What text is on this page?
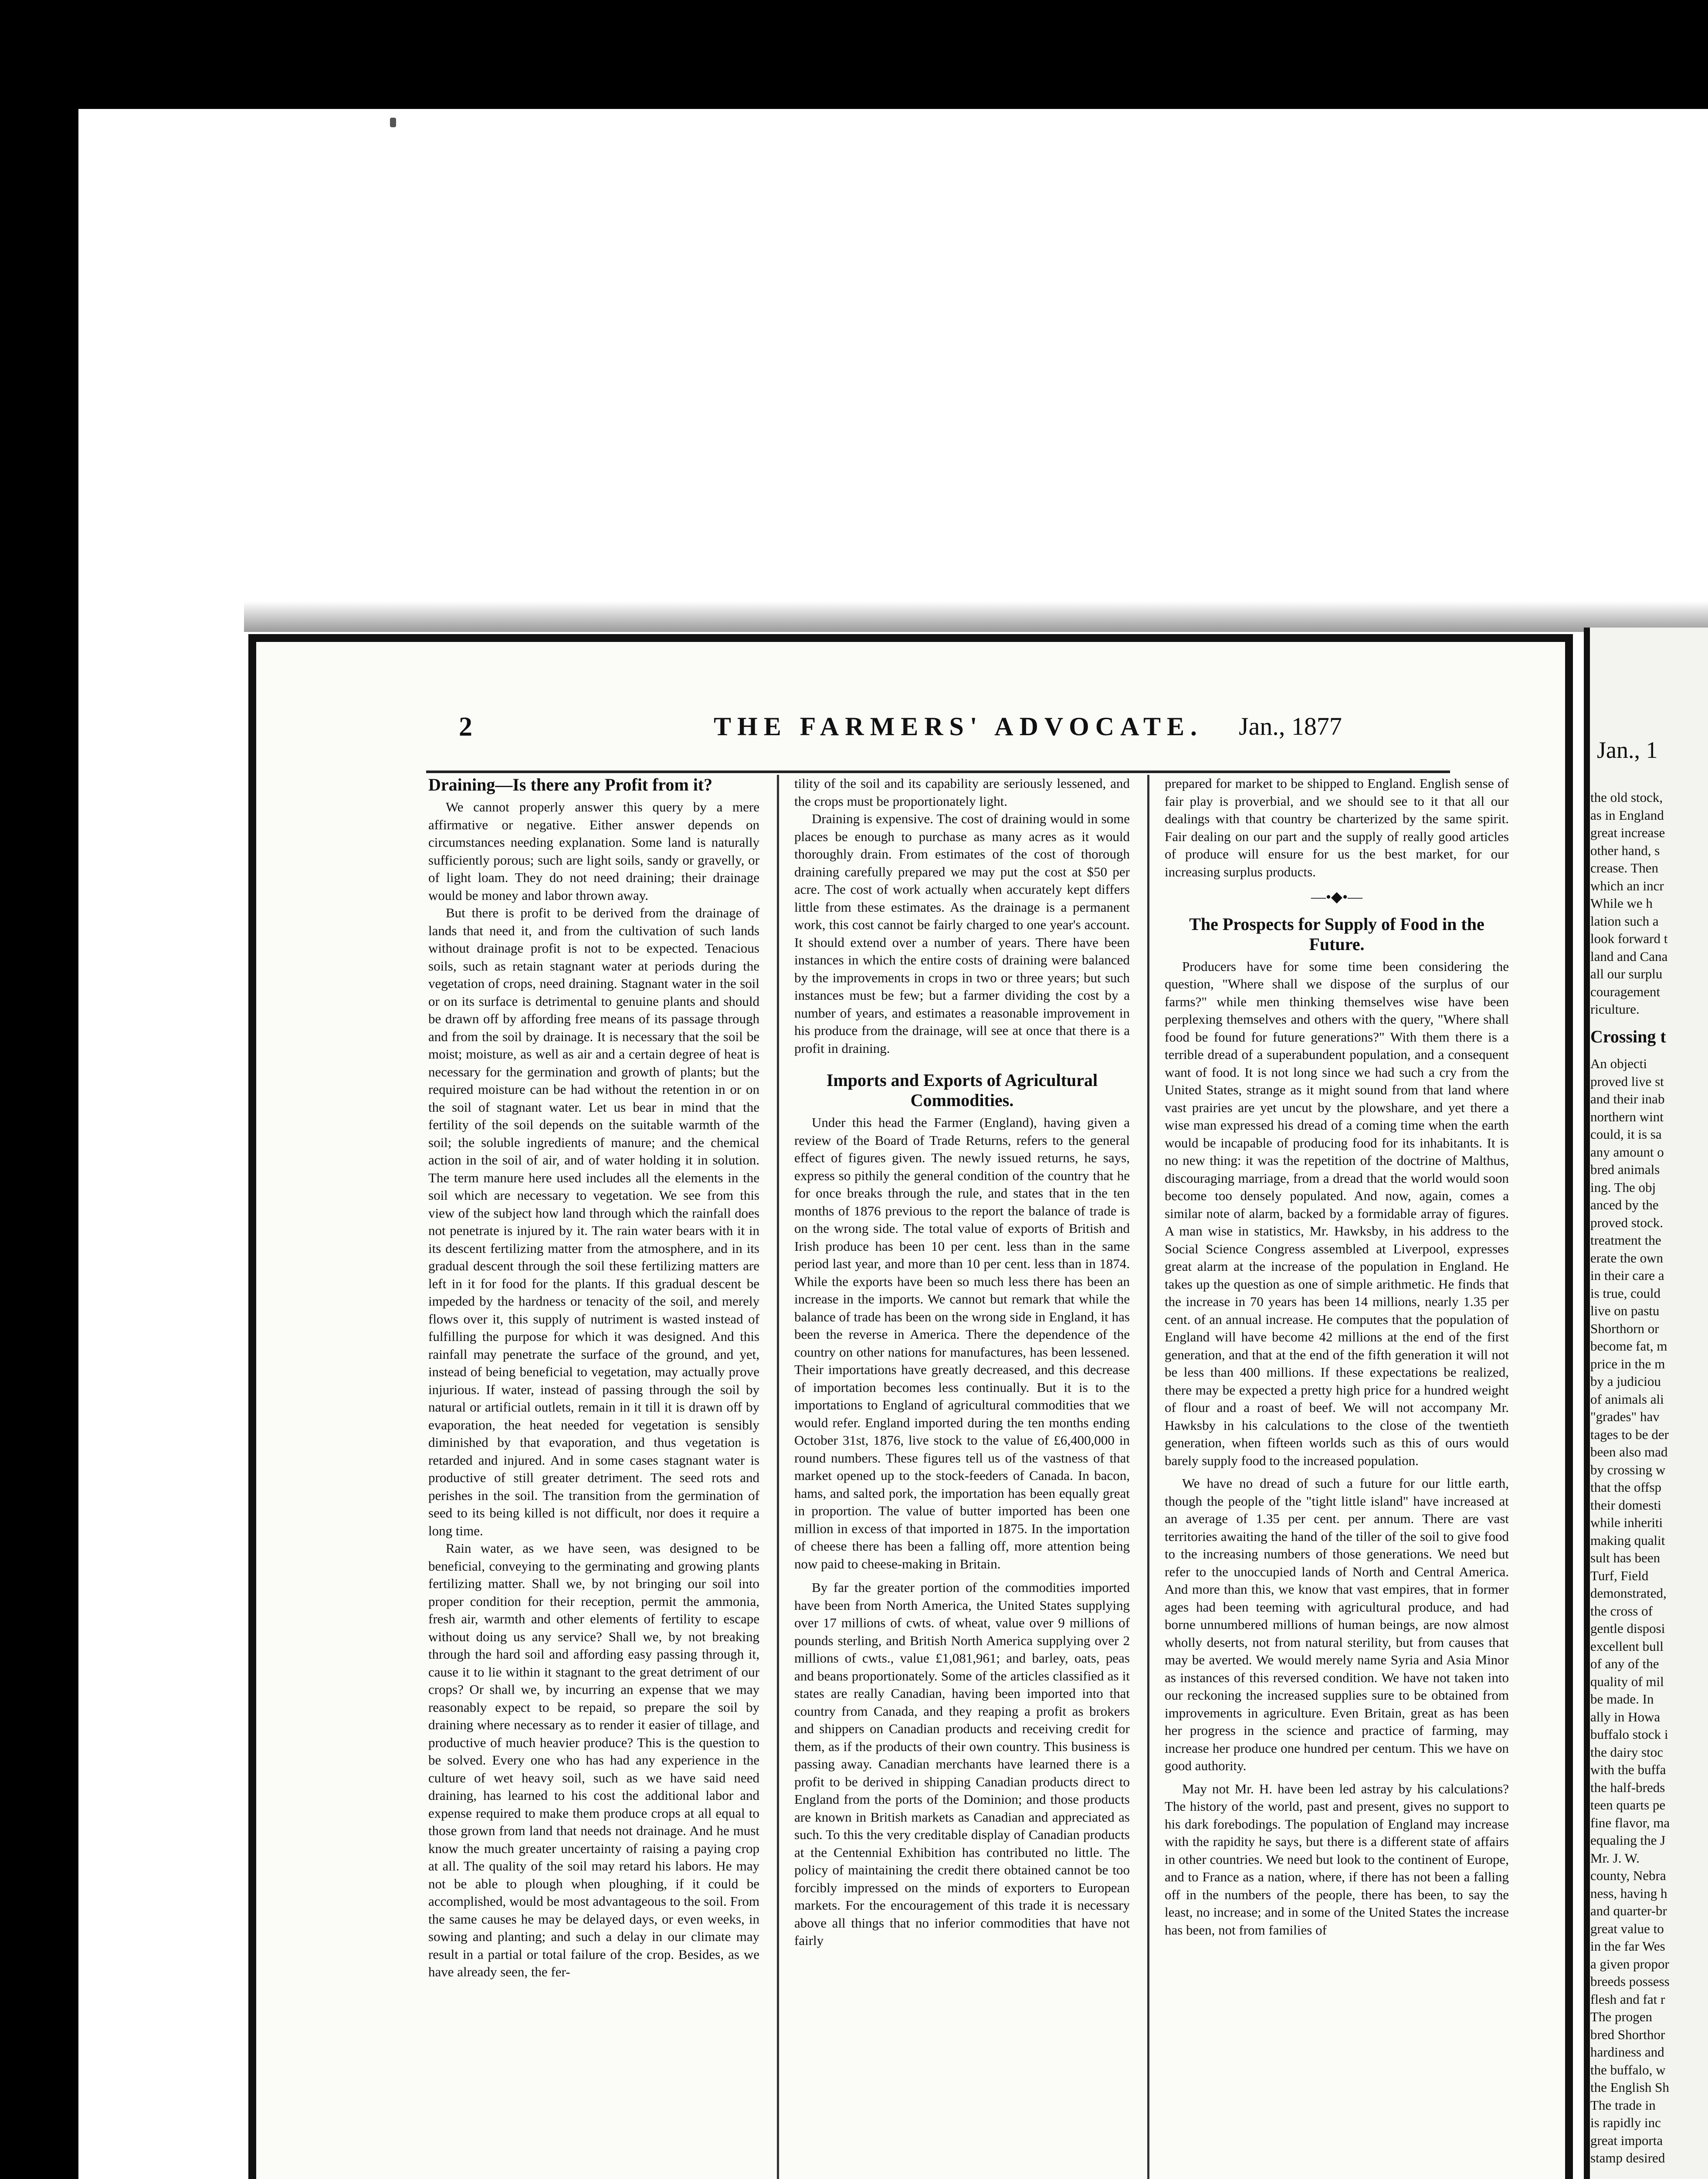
2	THE FARMERS' ADVOCATE. Jan., 1877
Draining—Is there any Profit from it?

We cannot properly answer this query by a mere affirmative or negative. Either answer depends on circumstances needing explanation. Some land is naturally sufficiently porous; such are light soils, sandy or gravelly, or of light loam. They do not need draining; their drainage would be money and labor thrown away.

But there is profit to be derived from the drainage of lands that need it, and from the cultivation of such lands without drainage profit is not to be expected. Tenacious soils, such as retain stagnant water at periods during the vegetation of crops, need draining. Stagnant water in the soil or on its surface is detrimental to genuine plants and should be drawn off by affording free means of its passage through and from the soil by drainage. It is necessary that the soil be moist; moisture, as well as air and a certain degree of heat is necessary for the germination and growth of plants; but the required moisture can be had without the retention in or on the soil of stagnant water. Let us bear in mind that the fertility of the soil depends on the suitable warmth of the soil; the soluble ingredients of manure; and the chemical action in the soil of air, and of water holding it in solution. The term manure here used includes all the elements in the soil which are necessary to vegetation. We see from this view of the subject how land through which the rainfall does not penetrate is injured by it. The rain water bears with it in its descent fertilizing matter from the atmosphere, and in its gradual descent through the soil these fertilizing matters are left in it for food for the plants. If this gradual descent be impeded by the hardness or tenacity of the soil, and merely flows over it, this supply of nutriment is wasted instead of fulfilling the purpose for which it was designed. And this rainfall may penetrate the surface of the ground, and yet, instead of being beneficial to vegetation, may actually prove injurious. If water, instead of passing through the soil by natural or artificial outlets, remain in it till it is drawn off by evaporation, the heat needed for vegetation is sensibly diminished by that evaporation, and thus vegetation is retarded and injured. And in some cases stagnant water is productive of still greater detriment. The seed rots and perishes in the soil. The transition from the germination of seed to its being killed is not difficult, nor does it require a long time.

Rain water, as we have seen, was designed to be beneficial, conveying to the germinating and growing plants fertilizing matter. Shall we, by not bringing our soil into proper condition for their reception, permit the ammonia, fresh air, warmth and other elements of fertility to escape without doing us any service? Shall we, by not breaking through the hard soil and affording easy passing through it, cause it to lie within it stagnant to the great detriment of our crops? Or shall we, by incurring an expense that we may reasonably expect to be repaid, so prepare the soil by draining where necessary as to render it easier of tillage, and productive of much heavier produce? This is the question to be solved. Every one who has had any experience in the culture of wet heavy soil, such as we have said need draining, has learned to his cost the additional labor and expense required to make them produce crops at all equal to those grown from land that needs not drainage. And he must know the much greater uncertainty of raising a paying crop at all. The quality of the soil may retard his labors. He may not be able to plough when ploughing, if it could be accomplished, would be most advantageous to the soil. From the same causes he may be delayed days, or even weeks, in sowing and planting; and such a delay in our climate may result in a partial or total failure of the crop. Besides, as we have already seen, the fer-

tility of the soil and its capability are seriously lessened, and the crops must be proportionately light.

Draining is expensive. The cost of draining would in some places be enough to purchase as many acres as it would thoroughly drain. From estimates of the cost of thorough draining carefully prepared we may put the cost at $50 per acre. The cost of work actually when accurately kept differs little from these estimates. As the drainage is a permanent work, this cost cannot be fairly charged to one year's account. It should extend over a number of years. There have been instances in which the entire costs of draining were balanced by the improvements in crops in two or three years; but such instances must be few; but a farmer dividing the cost by a number of years, and estimates a reasonable improvement in his produce from the drainage, will see at once that there is a profit in draining.

Imports and Exports of Agricultural Commodities.

Under this head the Farmer (England), having given a review of the Board of Trade Returns, refers to the general effect of figures given. The newly issued returns, he says, express so pithily the general condition of the country that he for once breaks through the rule, and states that in the ten months of 1876 previous to the report the balance of trade is on the wrong side. The total value of exports of British and Irish produce has been 10 per cent. less than in the same period last year, and more than 10 per cent. less than in 1874. While the exports have been so much less there has been an increase in the imports. We cannot but remark that while the balance of trade has been on the wrong side in England, it has been the reverse in America. There the dependence of the country on other nations for manufactures, has been lessened. Their importations have greatly decreased, and this decrease of importation becomes less continually. But it is to the importations to England of agricultural commodities that we would refer. England imported during the ten months ending October 31st, 1876, live stock to the value of £6,400,000 in round numbers. These figures tell us of the vastness of that market opened up to the stock-feeders of Canada. In bacon, hams, and salted pork, the importation has been equally great in proportion. The value of butter imported has been one million in excess of that imported in 1875. In the importation of cheese there has been a falling off, more attention being now paid to cheese-making in Britain.

By far the greater portion of the commodities imported have been from North America, the United States supplying over 17 millions of cwts. of wheat, value over 9 millions of pounds sterling, and British North America supplying over 2 millions of cwts., value £1,081,961; and barley, oats, peas and beans proportionately. Some of the articles classified as it states are really Canadian, having been imported into that country from Canada, and they reaping a profit as brokers and shippers on Canadian products and receiving credit for them, as if the products of their own country. This business is passing away. Canadian merchants have learned there is a profit to be derived in shipping Canadian products direct to England from the ports of the Dominion; and those products are known in British markets as Canadian and appreciated as such. To this the very creditable display of Canadian products at the Centennial Exhibition has contributed no little. The policy of maintaining the credit there obtained cannot be too forcibly impressed on the minds of exporters to European markets. For the encouragement of this trade it is necessary above all things that no inferior commodities that have not fairly

prepared for market to be shipped to England. English sense of fair play is proverbial, and we should see to it that all our dealings with that country be charterized by the same spirit. Fair dealing on our part and the supply of really good articles of produce will ensure for us the best market, for our increasing surplus products.

—•◆•—
The Prospects for Supply of Food in the Future.

Producers have for some time been considering the question, "Where shall we dispose of the surplus of our farms?" while men thinking themselves wise have been perplexing themselves and others with the query, "Where shall food be found for future generations?" With them there is a terrible dread of a superabundent population, and a consequent want of food. It is not long since we had such a cry from the United States, strange as it might sound from that land where vast prairies are yet uncut by the plowshare, and yet there a wise man expressed his dread of a coming time when the earth would be incapable of producing food for its inhabitants. It is no new thing: it was the repetition of the doctrine of Malthus, discouraging marriage, from a dread that the world would soon become too densely populated. And now, again, comes a similar note of alarm, backed by a formidable array of figures. A man wise in statistics, Mr. Hawksby, in his address to the Social Science Congress assembled at Liverpool, expresses great alarm at the increase of the population in England. He takes up the question as one of simple arithmetic. He finds that the increase in 70 years has been 14 millions, nearly 1.35 per cent. of an annual increase. He computes that the population of England will have become 42 millions at the end of the first generation, and that at the end of the fifth generation it will not be less than 400 millions. If these expectations be realized, there may be expected a pretty high price for a hundred weight of flour and a roast of beef. We will not accompany Mr. Hawksby in his calculations to the close of the twentieth generation, when fifteen worlds such as this of ours would barely supply food to the increased population.

We have no dread of such a future for our little earth, though the people of the "tight little island" have increased at an average of 1.35 per cent. per annum. There are vast territories awaiting the hand of the tiller of the soil to give food to the increasing numbers of those generations. We need but refer to the unoccupied lands of North and Central America. And more than this, we know that vast empires, that in former ages had been teeming with agricultural produce, and had borne unnumbered millions of human beings, are now almost wholly deserts, not from natural sterility, but from causes that may be averted. We would merely name Syria and Asia Minor as instances of this reversed condition. We have not taken into our reckoning the increased supplies sure to be obtained from improvements in agriculture. Even Britain, great as has been her progress in the science and practice of farming, may increase her produce one hundred per centum. This we have on good authority.

May not Mr. H. have been led astray by his calculations? The history of the world, past and present, gives no support to his dark forebodings. The population of England may increase with the rapidity he says, but there is a different state of affairs in other countries. We need but look to the continent of Europe, and to France as a nation, where, if there has not been a falling off in the numbers of the people, there has been, to say the least, no increase; and in some of the United States the increase has been, not from families of

Jan., 1

the old stock,

as in England

great increase

other hand, s

crease. Then

which an incr

While we h

lation such a

look forward t

land and Cana

all our surplu

couragement

riculture.

Crossing t

An objecti

proved live st

and their inab

northern wint

could, it is sa

any amount o

bred animals

ing. The obj

anced by the

proved stock.

treatment the

erate the own

in their care a

is true, could

live on pastu

Shorthorn or

become fat, m

price in the m

by a judiciou

of animals ali

"grades" hav

tages to be der

been also mad

by crossing w

that the offsp

their domesti

while inheriti

making qualit

sult has been

Turf, Field

demonstrated,

the cross of

gentle disposi

excellent bull

of any of the

quality of mil

be made. In

ally in Howa

buffalo stock i

the dairy stoc

with the buffa

the half-breds

teen quarts pe

fine flavor, ma

equaling the J

Mr. J. W.

county, Nebra

ness, having h

and quarter-br

great value to

in the far Wes

a given propor

breeds possess

flesh and fat r

The progen

bred Shorthor

hardiness and

the buffalo, w

the English Sh

The trade in

is rapidly inc

great importa

stamp desired
